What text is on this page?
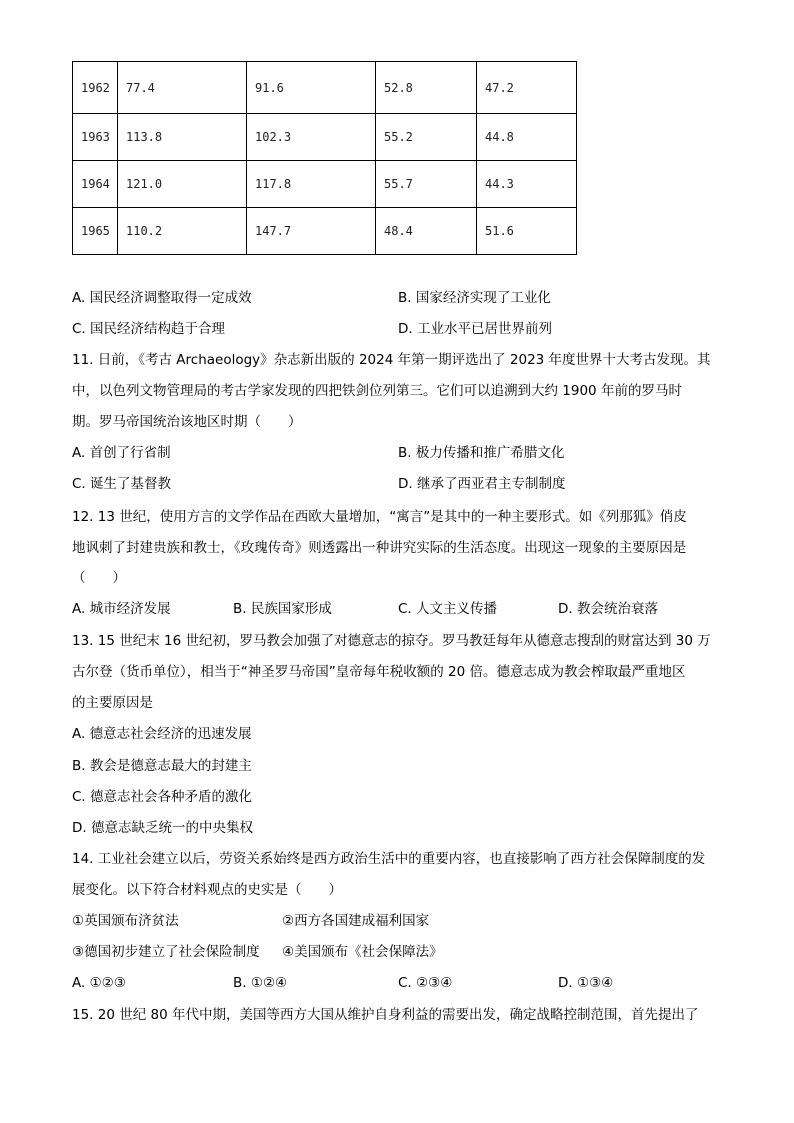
1962	77.4	91.6	52.8	47.2
1963	113.8	102.3	55.2	44.8
1964	121.0	117.8	55.7	44.3
1965	110.2	147.7	48.4	51.6
A. 国民经济调整取得一定成效	B. 国家经济实现了工业化
C. 国民经济结构趋于合理	D. 工业水平已居世界前列
11. 日前，《考古 Archaeology》杂志新出版的 2024 年第一期评选出了 2023 年度世界十大考古发现。其
中，以色列文物管理局的考古学家发现的四把铁剑位列第三。它们可以追溯到大约 1900 年前的罗马时
期。罗马帝国统治该地区时期（　　）
A. 首创了行省制	B. 极力传播和推广希腊文化
C. 诞生了基督教	D. 继承了西亚君主专制制度
12. 13 世纪，使用方言的文学作品在西欧大量增加，“寓言”是其中的一种主要形式。如《列那狐》俏皮
地讽刺了封建贵族和教士，《玫瑰传奇》则透露出一种讲究实际的生活态度。出现这一现象的主要原因是
（　　）
A. 城市经济发展	B. 民族国家形成	C. 人文主义传播	D. 教会统治衰落
13. 15 世纪末 16 世纪初，罗马教会加强了对德意志的掠夺。罗马教廷每年从德意志搜刮的财富达到 30 万
古尔登（货币单位），相当于“神圣罗马帝国”皇帝每年税收额的 20 倍。德意志成为教会榨取最严重地区
的主要原因是
A. 德意志社会经济的迅速发展
B. 教会是德意志最大的封建主
C. 德意志社会各种矛盾的激化
D. 德意志缺乏统一的中央集权
14. 工业社会建立以后，劳资关系始终是西方政治生活中的重要内容，也直接影响了西方社会保障制度的发
展变化。以下符合材料观点的史实是（　　）
①英国颁布济贫法	②西方各国建成福利国家
③德国初步建立了社会保险制度 ④美国颁布《社会保障法》
A. ①②③	B. ①②④	C. ②③④	D. ①③④
15. 20 世纪 80 年代中期，美国等西方大国从维护自身利益的需要出发，确定战略控制范围，首先提出了
